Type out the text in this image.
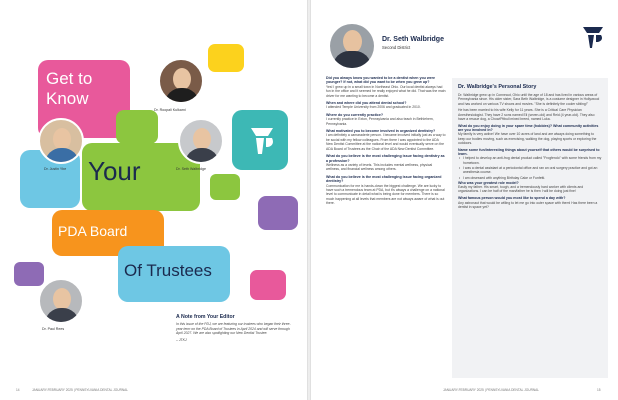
Get to
Know
Your
PDA Board
Of Trustees
Dr. Roopali Kulkarni
Dr. Justin Ybe	Dr. Seth Walbridge
Dr. Paul Rees
A Note from Your Editor
In this issue of the PDJ, we are featuring our trustees who began their three-year term on the PDA Board of Trustees in April 2024 and will serve through April 2027. We are also spotlighting our New Dentist Trustee.
– JTKJ
14	JANUARY-FEBRUARY 2025 | PENNSYLVANIA DENTAL JOURNAL
Dr. Seth Walbridge
Second District
Did you always know you wanted to be a dentist when you were younger? If not, what did you want to be when you grew up?
Yes! I grew up in a small town in Northeast Ohio. Our local dentist always had fun in the office and it seemed he really enjoyed what he did. That was the main driver for me wanting to become a dentist.
When and where did you attend dental school?
I attended Temple University from 2006 and graduated in 2010.
Where do you currently practice?
I currently practice in Exton, Pennsylvania and also teach in Bethlehem, Pennsylvania.
What motivated you to become involved in organized dentistry?
I am definitely a camaraderie person. I became involved initially just as a way to be social with my fellow colleagues. From there I was appointed to the ADA New Dentist Committee at the national level and would eventually serve on the ADA Board of Trustees as the Chair of the ADA New Dentist Committee.
What do you believe is the most challenging issue facing dentistry as a profession?
Wellness as a variety of levels. This includes mental wellness, physical wellness, and financial wellness among others.
What do you believe is the most challenging issue facing organized dentistry?
Communication for me is hands-down the biggest challenge. We are lucky to have such a tremendous team at PDA, but it's always a challenge on a national level to communicate in detail what is being done for members. There is so much happening at all levels that members are not always aware of what is out there.
Dr. Walbridge's Personal Story
Dr. Walbridge grew up in Conneaut, Ohio until the age of 18 and has lived in various areas of Pennsylvania since. His older sister, Sara Beth Walbridge, is a costume designer in Hollywood and has worked on various TV shows and movies. "She is definitely the cooler sibling!"
He has been married to his wife Kelly for 11 years. She is a Critical Care Physician Anesthesiologist. They have 2 sons named Eli (seven-old) and Reid (4 year-old). They also have a rescue dog, a Chow/Pitbull mixed breed, named Luka.
What do you enjoy doing in your spare time (hobbies)? What community activities are you involved in?
My family is very active! We have over 10 acres of land and are always doing something to keep our bodies moving, such as exercising, walking the dog, playing sports or exploring the outdoors.
Name some fun/interesting things about yourself that others would be surprised to learn.
• I helped to develop an anti-frog dental product called "Frogfendo" with some friends from my hometown.
• I was a dental assistant at a periodontal office and ran an oral surgery practice and got an anesthesia course.
• I am obsessed with anything Birthday Cake or Funfetti.
Who was your greatest role model?
Easily my father. His smart, tough, and a tremendously hard worker with clients and organizations. I can be half of the man/father he is then I will be doing just fine!
What famous person would you most like to spend a day with?
Any astronaut that would be willing to let me go into outer space with them! Has there been a dentist in space yet?
JANUARY-FEBRUARY 2025 | PENNSYLVANIA DENTAL JOURNAL	15
